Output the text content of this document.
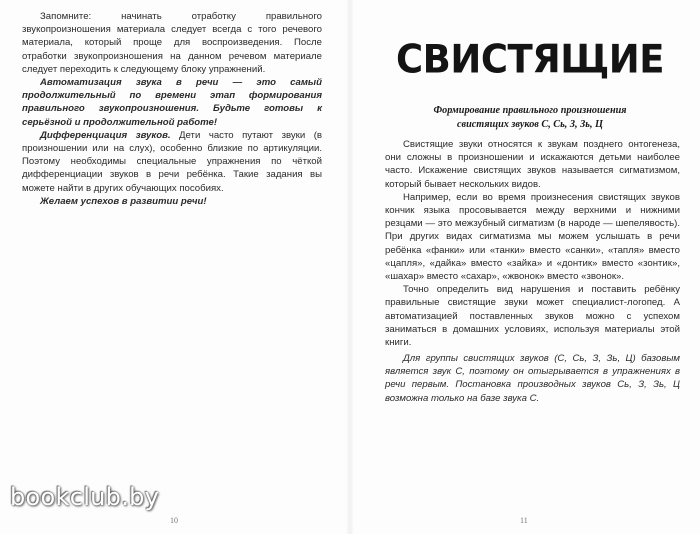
Запомните: начинать отработку правильного звукопроизношения материала следует всегда с того речевого материала, который проще для воспроизведения. После отработки звукопроизношения на данном речевом материале следует переходить к следующему блоку упражнений.

Автоматизация звука в речи — это самый продолжительный по времени этап формирования правильного звукопроизношения. Будьте готовы к серьёзной и продолжительной работе!

Дифференциация звуков. Дети часто путают звуки (в произношении или на слух), особенно близкие по артикуляции. Поэтому необходимы специальные упражнения по чёткой дифференциации звуков в речи ребёнка. Такие задания вы можете найти в других обучающих пособиях.

Желаем успехов в развитии речи!

СВИСТЯЩИЕ
Формирование правильного произношения
свистящих звуков С, Сь, З, Зь, Ц

Свистящие звуки относятся к звукам позднего онтогенеза, они сложны в произношении и искажаются детьми наиболее часто. Искажение свистящих звуков называется сигматизмом, который бывает нескольких видов.

Например, если во время произнесения свистящих звуков кончик языка просовывается между верхними и нижними резцами — это межзубный сигматизм (в народе — шепелявость). При других видах сигматизма мы можем услышать в речи ребёнка «фанки» или «танки» вместо «санки», «тапля» вместо «цапля», «дайка» вместо «зайка» и «донтик» вместо «зонтик», «шахар» вместо «сахар», «жвонок» вместо «звонок».

Точно определить вид нарушения и поставить ребёнку правильные свистящие звуки может специалист-логопед. А автоматизацией поставленных звуков можно с успехом заниматься в домашних условиях, используя материалы этой книги.

Для группы свистящих звуков (С, Сь, З, Зь, Ц) базовым является звук С, поэтому он отыгрывается в упражнениях в речи первым. Постановка производных звуков Сь, З, Зь, Ц возможна только на базе звука С.
10	11
bookclub.by
